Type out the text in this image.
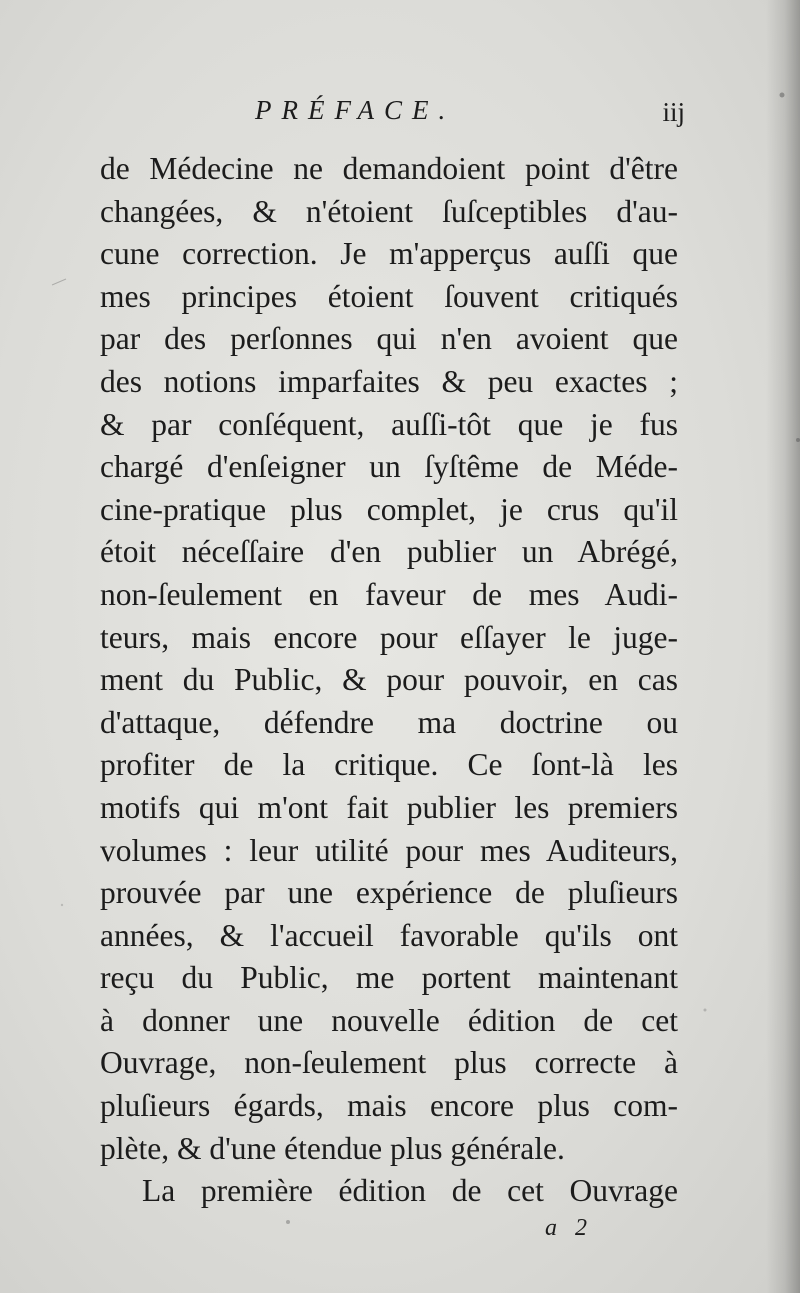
PRÉFACE.	iij
de Médecine ne demandoient point d'être
changées, & n'étoient ſuſceptibles d'au-
cune correction. Je m'apperçus auſſi que
mes principes étoient ſouvent critiqués
par des perſonnes qui n'en avoient que
des notions imparfaites & peu exactes ;
& par conſéquent, auſſi-tôt que je fus
chargé d'enſeigner un ſyſtême de Méde-
cine-pratique plus complet, je crus qu'il
étoit néceſſaire d'en publier un Abrégé,
non-ſeulement en faveur de mes Audi-
teurs, mais encore pour eſſayer le juge-
ment du Public, & pour pouvoir, en cas
d'attaque, défendre ma doctrine ou
profiter de la critique. Ce ſont-là les
motifs qui m'ont fait publier les premiers
volumes : leur utilité pour mes Auditeurs,
prouvée par une expérience de pluſieurs
années, & l'accueil favorable qu'ils ont
reçu du Public, me portent maintenant
à donner une nouvelle édition de cet
Ouvrage, non-ſeulement plus correcte à
pluſieurs égards, mais encore plus com-
plète, & d'une étendue plus générale.
La première édition de cet Ouvrage
a 2
